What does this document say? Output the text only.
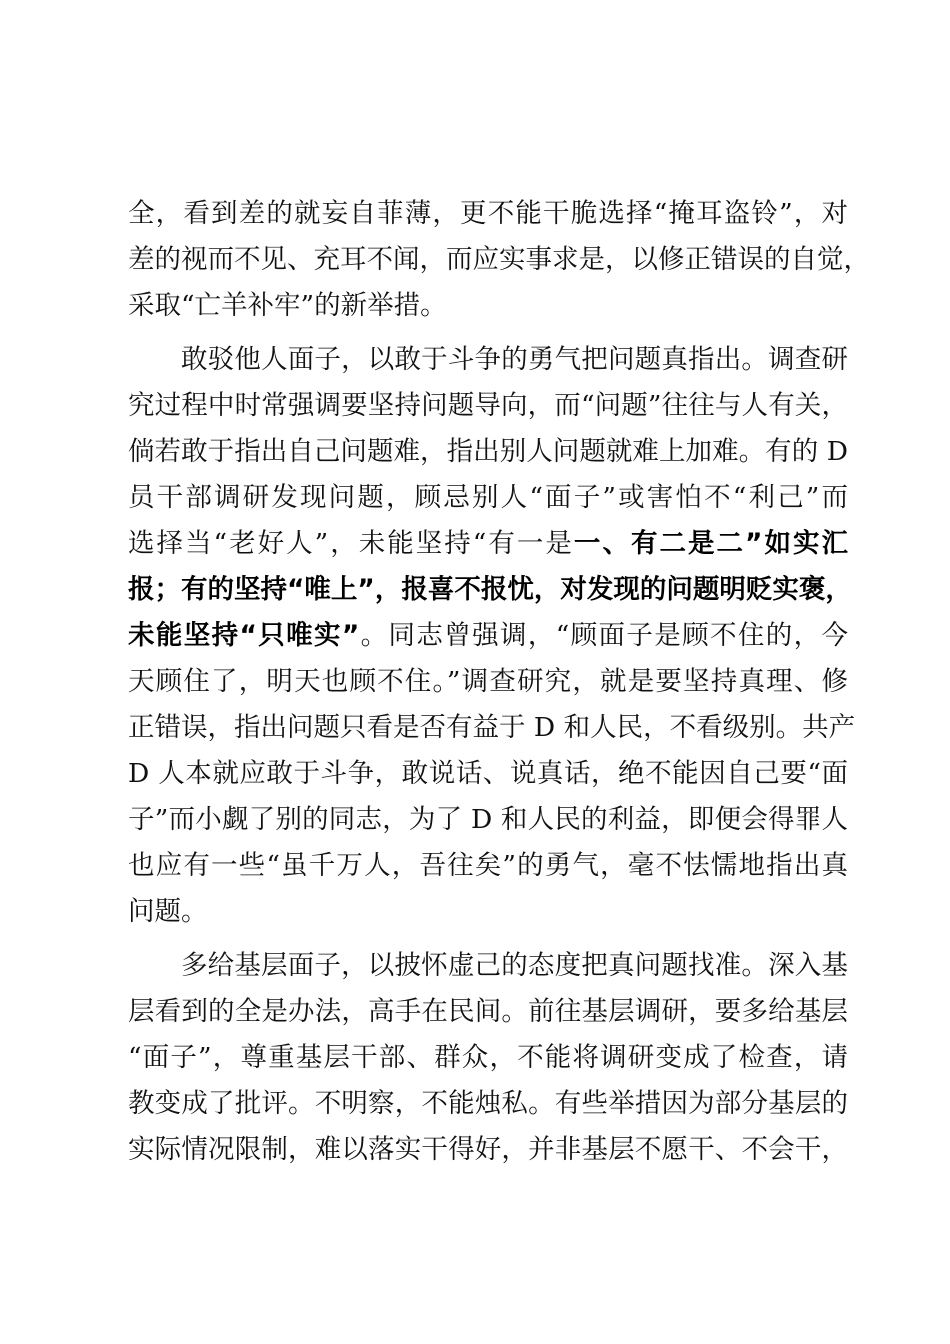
全，看到差的就妄自菲薄，更不能干脆选择“掩耳盗铃”，对
差的视而不见、充耳不闻，而应实事求是，以修正错误的自觉，
采取“亡羊补牢”的新举措。
敢驳他人面子，以敢于斗争的勇气把问题真指出。调查研
究过程中时常强调要坚持问题导向，而“问题”往往与人有关，
倘若敢于指出自己问题难，指出别人问题就难上加难。有的 D
员干部调研发现问题，顾忌别人“面子”或害怕不“利己”而
选择当“老好人”，未能坚持“有一是一、有二是二”如实汇
报；有的坚持“唯上”，报喜不报忧，对发现的问题明贬实褒，
未能坚持“只唯实”。同志曾强调，“顾面子是顾不住的，今
天顾住了，明天也顾不住。”调查研究，就是要坚持真理、修
正错误，指出问题只看是否有益于 D 和人民，不看级别。共产
D 人本就应敢于斗争，敢说话、说真话，绝不能因自己要“面
子”而小觑了别的同志，为了 D 和人民的利益，即便会得罪人
也应有一些“虽千万人，吾往矣”的勇气，毫不怯懦地指出真
问题。
多给基层面子，以披怀虚己的态度把真问题找准。深入基
层看到的全是办法，高手在民间。前往基层调研，要多给基层
“面子”，尊重基层干部、群众，不能将调研变成了检查，请
教变成了批评。不明察，不能烛私。有些举措因为部分基层的
实际情况限制，难以落实干得好，并非基层不愿干、不会干，
